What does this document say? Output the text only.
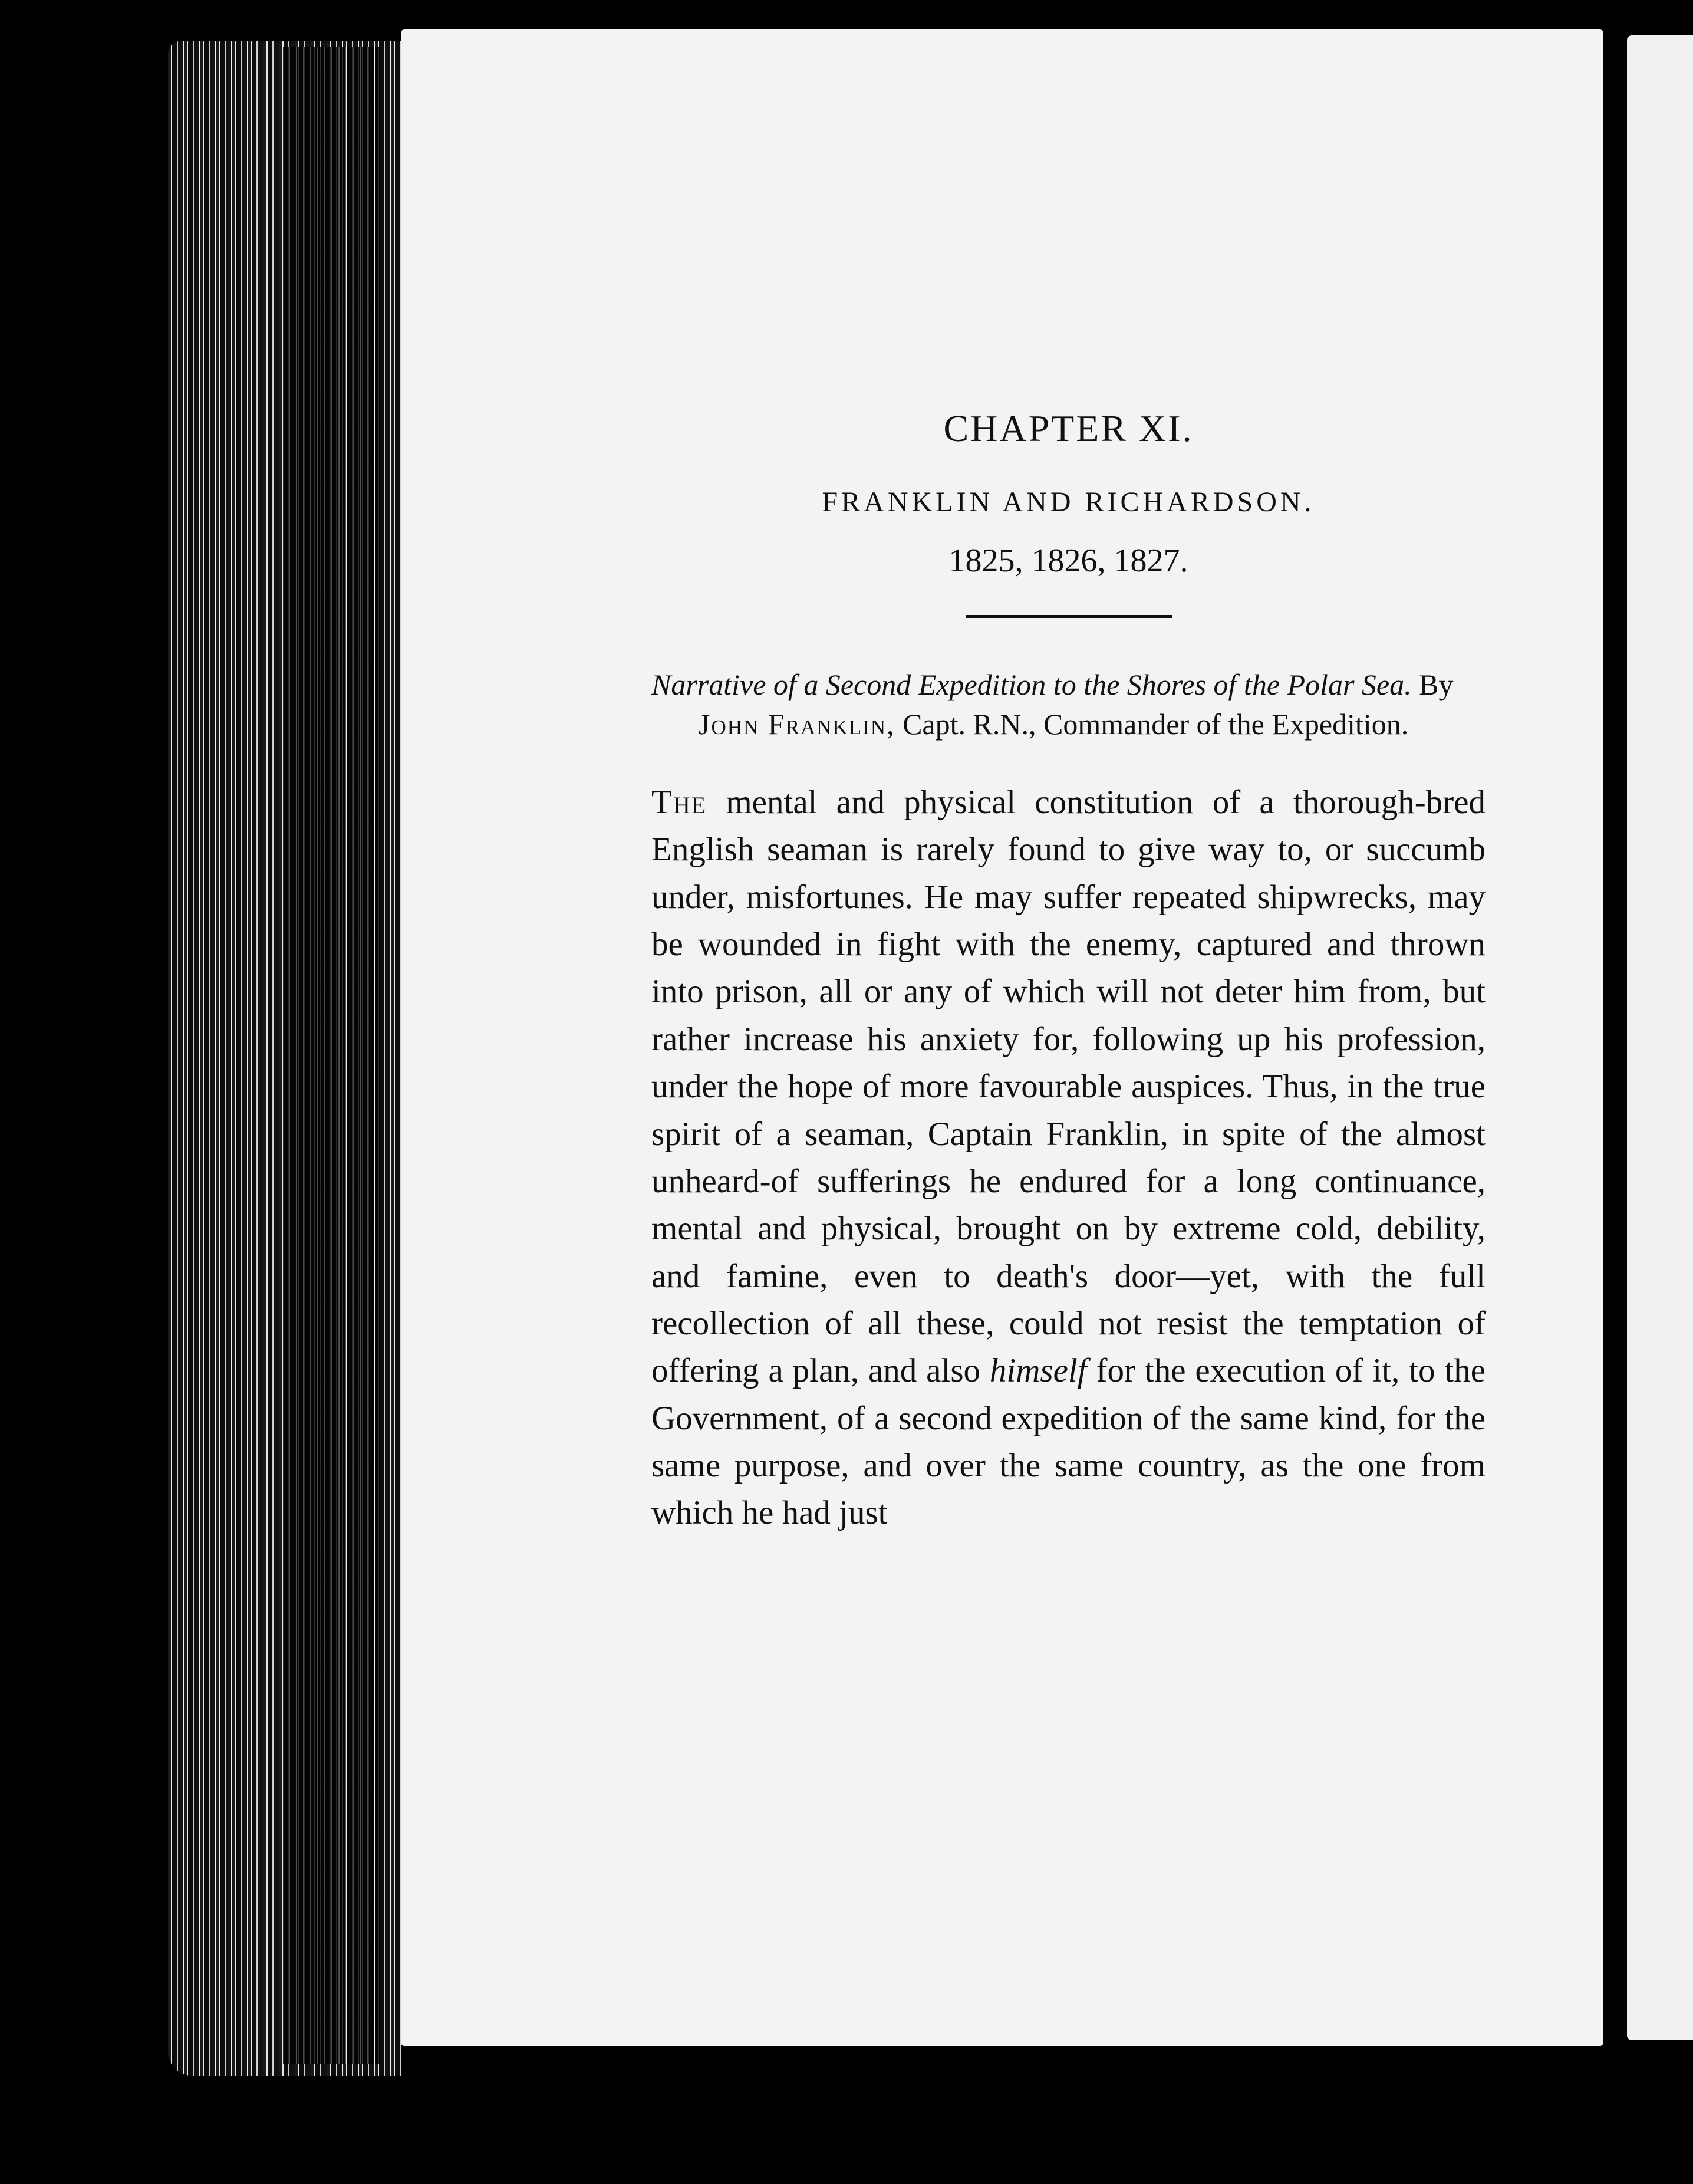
CHAPTER XI.
FRANKLIN AND RICHARDSON.
1825, 1826, 1827.

Narrative of a Second Expedition to the Shores of the Polar Sea. By John Franklin, Capt. R.N., Commander of the Expedition.

The mental and physical constitution of a thorough-bred English seaman is rarely found to give way to, or succumb under, misfortunes. He may suffer repeated shipwrecks, may be wounded in fight with the enemy, captured and thrown into prison, all or any of which will not deter him from, but rather increase his anxiety for, following up his profession, under the hope of more favourable auspices. Thus, in the true spirit of a seaman, Captain Franklin, in spite of the almost unheard-of sufferings he endured for a long continuance, mental and physical, brought on by extreme cold, debility, and famine, even to death's door—yet, with the full recollection of all these, could not resist the temptation of offering a plan, and also himself for the execution of it, to the Government, of a second expedition of the same kind, for the same purpose, and over the same country, as the one from which he had just
